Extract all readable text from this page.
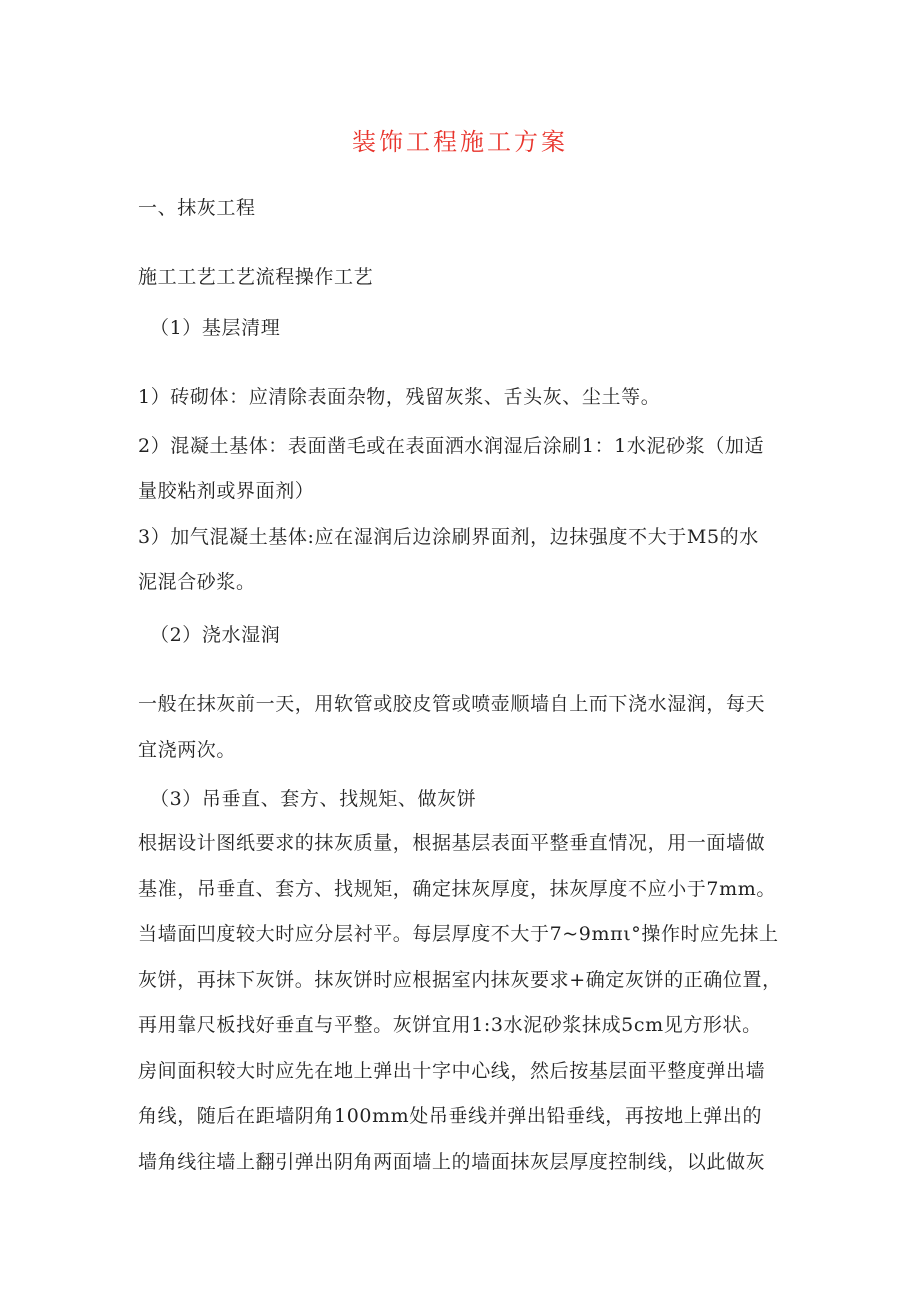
装饰工程施工方案
一、抹灰工程
施工工艺工艺流程操作工艺
（1）基层清理
1）砖砌体：应清除表面杂物，残留灰浆、舌头灰、尘土等。
2）混凝土基体：表面凿毛或在表面洒水润湿后涂刷1：1水泥砂浆（加适
量胶粘剂或界面剂）
3）加气混凝土基体:应在湿润后边涂刷界面剂，边抹强度不大于M5的水
泥混合砂浆。
（2）浇水湿润
一般在抹灰前一天，用软管或胶皮管或喷壶顺墙自上而下浇水湿润，每天
宜浇两次。
（3）吊垂直、套方、找规矩、做灰饼
根据设计图纸要求的抹灰质量，根据基层表面平整垂直情况，用一面墙做
基准，吊垂直、套方、找规矩，确定抹灰厚度，抹灰厚度不应小于7mm。
当墙面凹度较大时应分层衬平。每层厚度不大于7~9mπι°操作时应先抹上
灰饼，再抹下灰饼。抹灰饼时应根据室内抹灰要求+确定灰饼的正确位置，
再用靠尺板找好垂直与平整。灰饼宜用1:3水泥砂浆抹成5cm见方形状。
房间面积较大时应先在地上弹出十字中心线，然后按基层面平整度弹出墙
角线，随后在距墙阴角100mm处吊垂线并弹出铅垂线，再按地上弹出的
墙角线往墙上翻引弹出阴角两面墙上的墙面抹灰层厚度控制线，以此做灰
